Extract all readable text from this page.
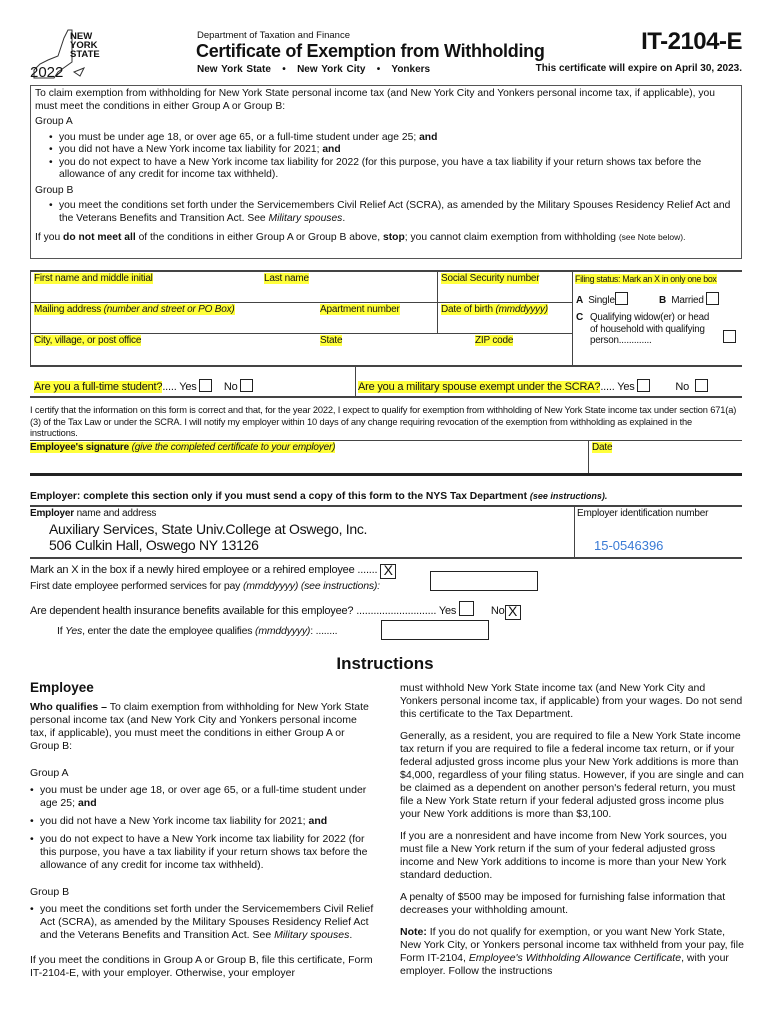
NEW
YORK
STATE
2022
Department of Taxation and Finance
Certificate of Exemption from Withholding
New York State   •   New York City   •   Yonkers
IT-2104-E
This certificate will expire on April 30, 2023.
To claim exemption from withholding for New York State personal income tax (and New York City and Yonkers personal income tax, if applicable), you must meet the conditions in either Group A or Group B:
Group A
• you must be under age 18, or over age 65, or a full-time student under age 25; and
• you did not have a New York income tax liability for 2021; and
• you do not expect to have a New York income tax liability for 2022 (for this purpose, you have a tax liability if your return shows tax before the allowance of any credit for income tax withheld).
Group B
• you meet the conditions set forth under the Servicemembers Civil Relief Act (SCRA), as amended by the Military Spouses Residency Relief Act and the Veterans Benefits and Transition Act. See Military spouses.
If you do not meet all of the conditions in either Group A or Group B above, stop; you cannot claim exemption from withholding (see Note below).
First name and middle initial	Last name	Social Security number	Filing status: Mark an X in only one box
A Single	B Married
C Qualifying widow(er) or head of household with qualifying person.............
Mailing address (number and street or PO Box)	Apartment number	Date of birth (mmddyyyy)
City, village, or post office	State	ZIP code
Are you a full-time student?..... Yes No	Are you a military spouse exempt under the SCRA?..... Yes	No
I certify that the information on this form is correct and that, for the year 2022, I expect to qualify for exemption from withholding of New York State income tax under section 671(a)(3) of the Tax Law or under the SCRA. I will notify my employer within 10 days of any change requiring revocation of the exemption from withholding as explained in the instructions.
Employee's signature (give the completed certificate to your employer)	Date
Employer: complete this section only if you must send a copy of this form to the NYS Tax Department (see instructions).
Employer name and address	Employer identification number
Auxiliary Services, State Univ.College at Oswego, Inc.
506 Culkin Hall, Oswego NY 13126	15-0546396
Mark an X in the box if a newly hired employee or a rehired employee ....... X
First date employee performed services for pay (mmddyyyy) (see instructions):
Are dependent health insurance benefits available for this employee? ............................ Yes	No X
If Yes, enter the date the employee qualifies (mmddyyyy): ........
Instructions
Employee

Who qualifies – To claim exemption from withholding for New York State personal income tax (and New York City and Yonkers personal income tax, if applicable), you must meet the conditions in either Group A or Group B:

Group A

• you must be under age 18, or over age 65, or a full-time student under age 25; and
• you did not have a New York income tax liability for 2021; and
• you do not expect to have a New York income tax liability for 2022 (for this purpose, you have a tax liability if your return shows tax before the allowance of any credit for income tax withheld).

Group B

• you meet the conditions set forth under the Servicemembers Civil Relief Act (SCRA), as amended by the Military Spouses Residency Relief Act and the Veterans Benefits and Transition Act. See Military spouses.

If you meet the conditions in Group A or Group B, file this certificate, Form IT-2104-E, with your employer. Otherwise, your employer

must withhold New York State income tax (and New York City and Yonkers personal income tax, if applicable) from your wages. Do not send this certificate to the Tax Department.

Generally, as a resident, you are required to file a New York State income tax return if you are required to file a federal income tax return, or if your federal adjusted gross income plus your New York additions is more than $4,000, regardless of your filing status. However, if you are single and can be claimed as a dependent on another person's federal return, you must file a New York State return if your federal adjusted gross income plus your New York additions is more than $3,100.

If you are a nonresident and have income from New York sources, you must file a New York return if the sum of your federal adjusted gross income and New York additions to income is more than your New York standard deduction.

A penalty of $500 may be imposed for furnishing false information that decreases your withholding amount.

Note: If you do not qualify for exemption, or you want New York State, New York City, or Yonkers personal income tax withheld from your pay, file Form IT-2104, Employee's Withholding Allowance Certificate, with your employer. Follow the instructions
